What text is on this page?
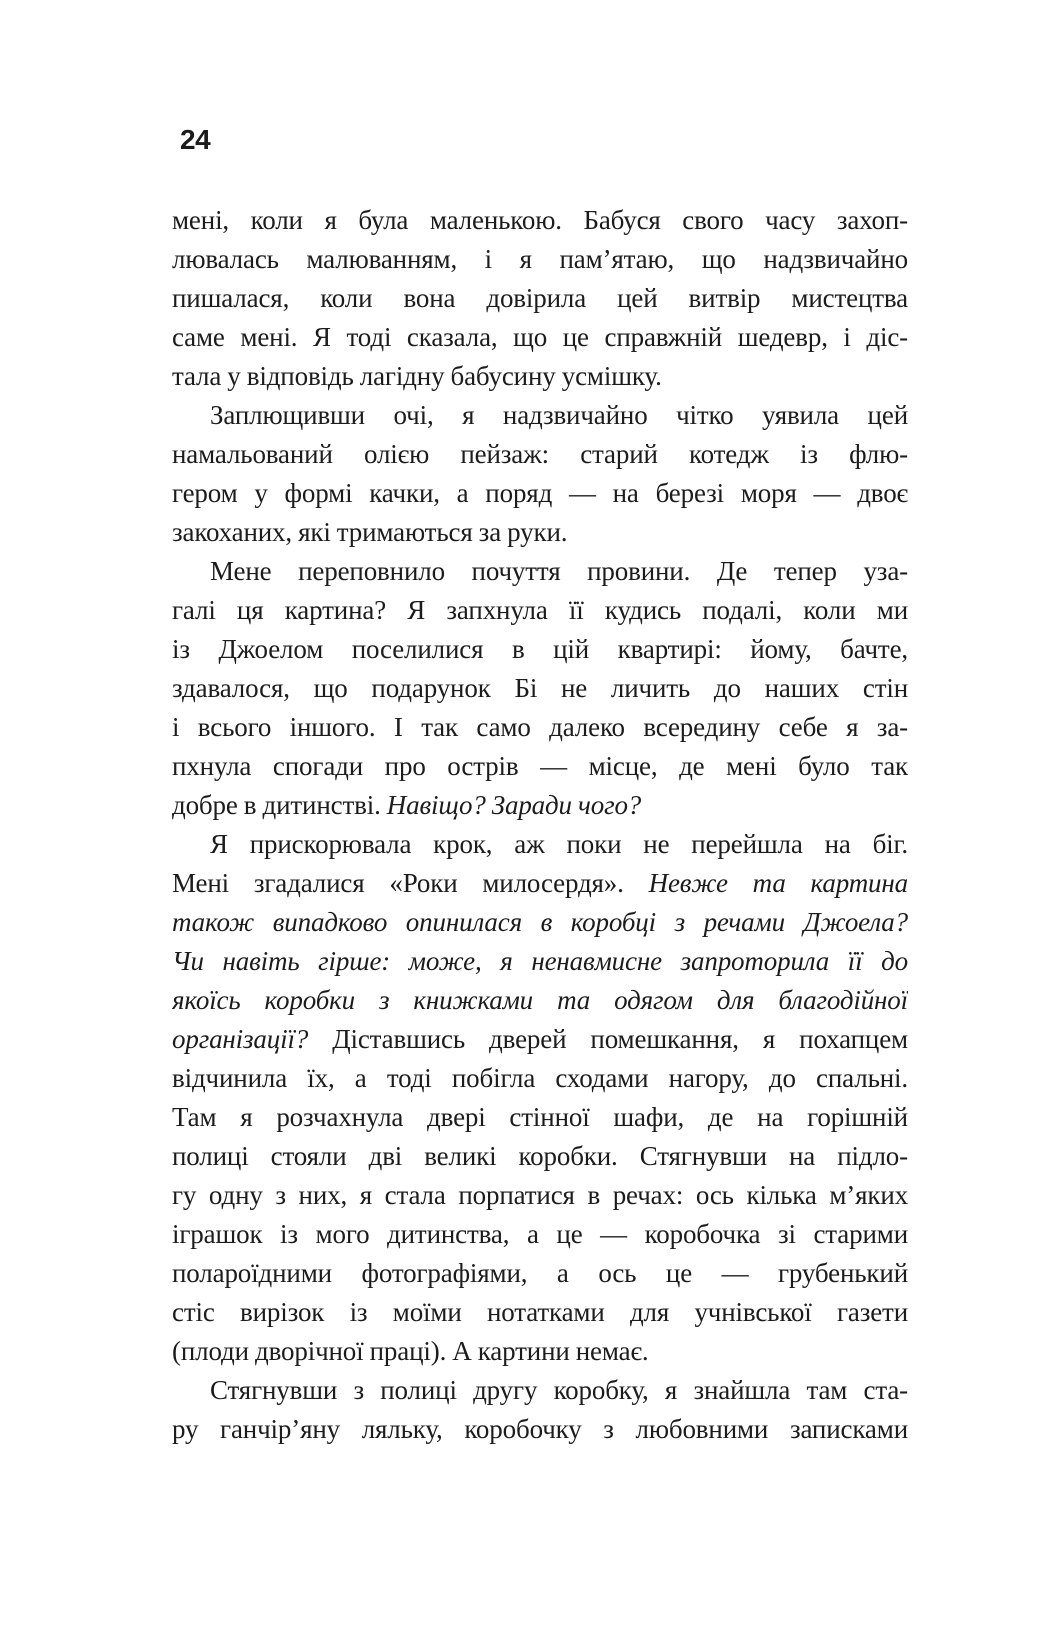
24
мені, коли я була маленькою. Бабуся свого часу захоп-
лювалась малюванням, і я пам’ятаю, що надзвичайно
пишалася, коли вона довірила цей витвір мистецтва
саме мені. Я тоді сказала, що це справжній шедевр, і діс-
тала у відповідь лагідну бабусину усмішку.
Заплющивши очі, я надзвичайно чітко уявила цей
намальований олією пейзаж: старий котедж із флю-
гером у формі качки, а поряд — на березі моря — двоє
закоханих, які тримаються за руки.
Мене переповнило почуття провини. Де тепер уза-
галі ця картина? Я запхнула її кудись подалі, коли ми
із Джоелом поселилися в цій квартирі: йому, бачте,
здавалося, що подарунок Бі не личить до наших стін
і всього іншого. І так само далеко всередину себе я за-
пхнула спогади про острів — місце, де мені було так
добре в дитинстві. Навіщо? Заради чого?
Я прискорювала крок, аж поки не перейшла на біг.
Мені згадалися «Роки милосердя». Невже та картина
також випадково опинилася в коробці з речами Джоела?
Чи навіть гірше: може, я ненавмисне запроторила її до
якоїсь коробки з книжками та одягом для благодійної
організації? Діставшись дверей помешкання, я похапцем
відчинила їх, а тоді побігла сходами нагору, до спальні.
Там я розчахнула двері стінної шафи, де на горішній
полиці стояли дві великі коробки. Стягнувши на підло-
гу одну з них, я стала порпатися в речах: ось кілька м’яких
іграшок із мого дитинства, а це — коробочка зі старими
полароїдними фотографіями, а ось це — грубенький
стіс вирізок із моїми нотатками для учнівської газети
(плоди дворічної праці). А картини немає.
Стягнувши з полиці другу коробку, я знайшла там ста-
ру ганчір’яну ляльку, коробочку з любовними записками
